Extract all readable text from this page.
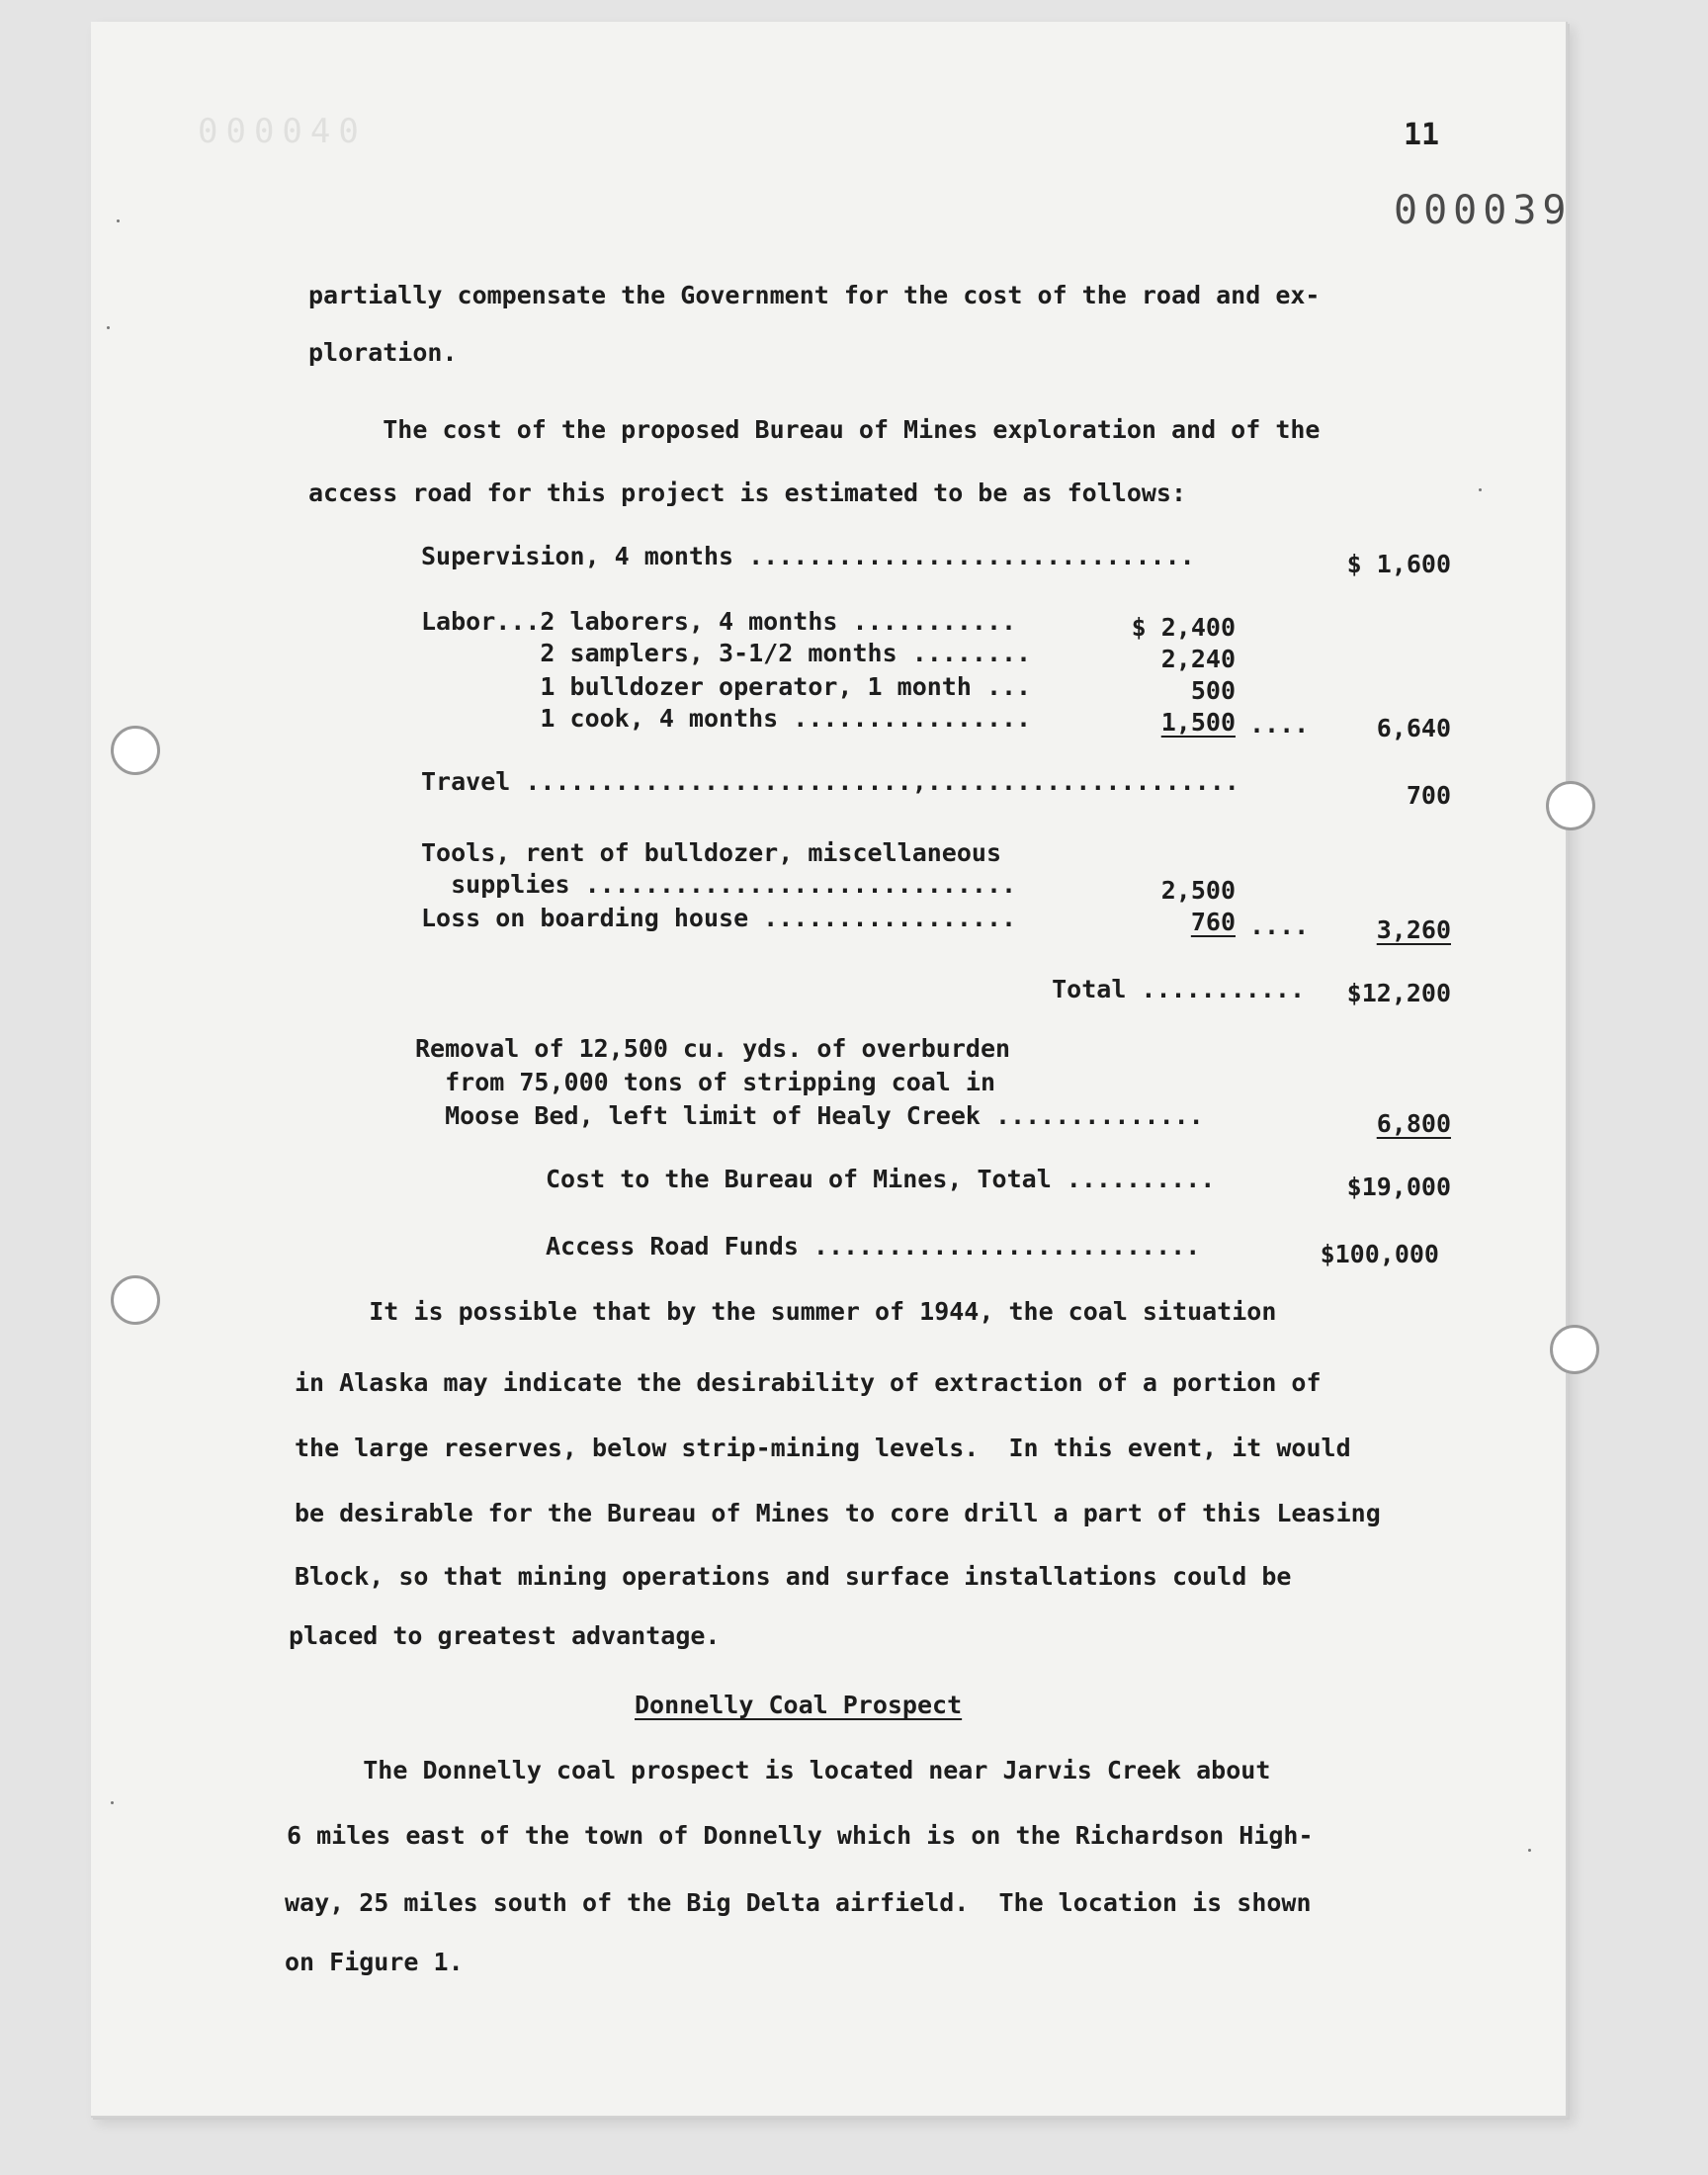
000040	11
000039
partially compensate the Government for the cost of the road and ex-
ploration.
The cost of the proposed Bureau of Mines exploration and of the
access road for this project is estimated to be as follows:
Supervision, 4 months ..............................	$ 1,600
Labor...2 laborers, 4 months ...........	$ 2,400
2 samplers, 3-1/2 months ........	2,240
1 bulldozer operator, 1 month ...	500
1 cook, 4 months ................	1,500 ....	6,640
Travel ..........................,.....................	700
Tools, rent of bulldozer, miscellaneous
supplies .............................	2,500
Loss on boarding house .................	760 ....	3,260
Total ...........	$12,200
Removal of 12,500 cu. yds. of overburden
from 75,000 tons of stripping coal in
Moose Bed, left limit of Healy Creek ..............	6,800
Cost to the Bureau of Mines, Total ..........	$19,000
Access Road Funds ..........................	$100,000
It is possible that by the summer of 1944, the coal situation
in Alaska may indicate the desirability of extraction of a portion of
the large reserves, below strip-mining levels.  In this event, it would
be desirable for the Bureau of Mines to core drill a part of this Leasing
Block, so that mining operations and surface installations could be
placed to greatest advantage.
Donnelly Coal Prospect
The Donnelly coal prospect is located near Jarvis Creek about
6 miles east of the town of Donnelly which is on the Richardson High-
way, 25 miles south of the Big Delta airfield.  The location is shown
on Figure 1.
